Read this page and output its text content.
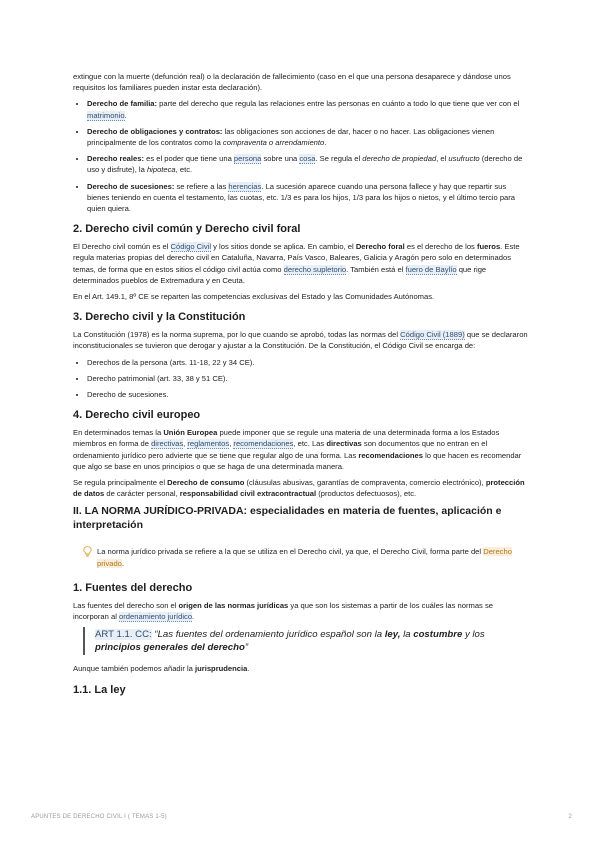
extingue con la muerte (defunción real) o la declaración de fallecimiento (caso en el que una persona desaparece y dándose unos requisitos los familiares pueden instar esta declaración).

• Derecho de familia: parte del derecho que regula las relaciones entre las personas en cuánto a todo lo que tiene que ver con el matrimonio.
• Derecho de obligaciones y contratos: las obligaciones son acciones de dar, hacer o no hacer. Las obligaciones vienen principalmente de los contratos como la compraventa o arrendamiento.
• Derecho reales: es el poder que tiene una persona sobre una cosa. Se regula el derecho de propiedad, el usufructo (derecho de uso y disfrute), la hipoteca, etc.
• Derecho de sucesiones: se refiere a las herencias. La sucesión aparece cuando una persona fallece y hay que repartir sus bienes teniendo en cuenta el testamento, las cuotas, etc. 1/3 es para los hijos, 1/3 para los hijos o nietos, y el último tercio para quien quiera.
2. Derecho civil común y Derecho civil foral

El Derecho civil común es el Código Civil y los sitios donde se aplica. En cambio, el Derecho foral es el derecho de los fueros. Este regula materias propias del derecho civil en Cataluña, Navarra, País Vasco, Baleares, Galicia y Aragón pero solo en determinados temas, de forma que en estos sitios el código civil actúa como derecho supletorio. También está el fuero de Baylío que rige determinados pueblos de Extremadura y en Ceuta.

En el Art. 149.1, 8º CE se reparten las competencias exclusivas del Estado y las Comunidades Autónomas.

3. Derecho civil y la Constitución

La Constitución (1978) es la norma suprema, por lo que cuando se aprobó, todas las normas del Código Civil (1889) que se declararon inconstitucionales se tuvieron que derogar y ajustar a la Constitución. De la Constitución, el Código Civil se encarga de:

• Derechos de la persona (arts. 11-18, 22 y 34 CE).
• Derecho patrimonial (art. 33, 38 y 51 CE).
• Derecho de sucesiones.
4. Derecho civil europeo

En determinados temas la Unión Europea puede imponer que se regule una materia de una determinada forma a los Estados miembros en forma de directivas, reglamentos, recomendaciones, etc. Las directivas son documentos que no entran en el ordenamiento jurídico pero advierte que se tiene que regular algo de una forma. Las recomendaciones lo que hacen es recomendar que algo se base en unos principios o que se haga de una determinada manera.

Se regula principalmente el Derecho de consumo (cláusulas abusivas, garantías de compraventa, comercio electrónico), protección de datos de carácter personal, responsabilidad civil extracontractual (productos defectuosos), etc.

II. LA NORMA JURÍDICO-PRIVADA: especialidades en materia de fuentes, aplicación e interpretación

La norma jurídico privada se refiere a la que se utiliza en el Derecho civil, ya que, el Derecho Civil, forma parte del Derecho privado.

1. Fuentes del derecho

Las fuentes del derecho son el origen de las normas jurídicas ya que son los sistemas a partir de los cuáles las normas se incorporan al ordenamiento jurídico.

ART 1.1. CC: “Las fuentes del ordenamiento jurídico español son la ley, la costumbre y los principios generales del derecho”

Aunque también podemos añadir la jurisprudencia.

1.1. La ley
APUNTES DE DERECHO CIVIL I ( TEMAS 1-5)	2
